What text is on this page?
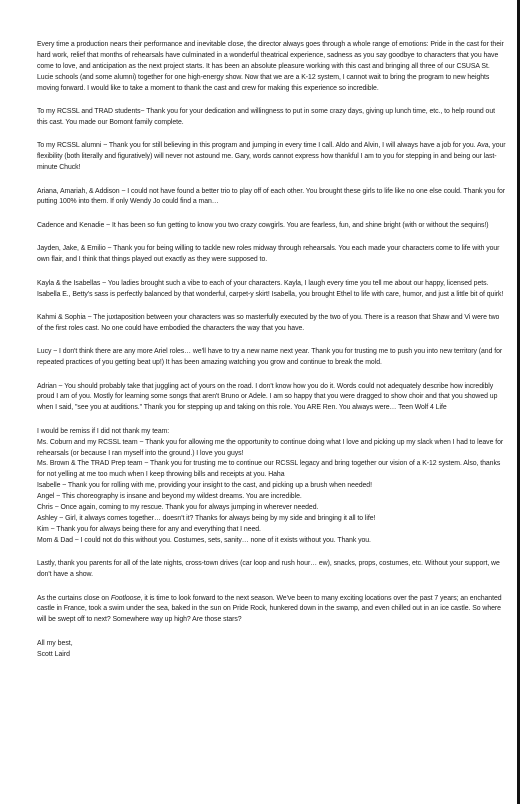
Every time a production nears their performance and inevitable close, the director always goes through a whole range of emotions: Pride in the cast for their hard work, relief that months of rehearsals have culminated in a wonderful theatrical experience, sadness as you say goodbye to characters that you have come to love, and anticipation as the next project starts. It has been an absolute pleasure working with this cast and bringing all three of our CSUSA St. Lucie schools (and some alumni) together for one high-energy show. Now that we are a K-12 system, I cannot wait to bring the program to new heights moving forward. I would like to take a moment to thank the cast and crew for making this experience so incredible.

To my RCSSL and TRAD students~ Thank you for your dedication and willingness to put in some crazy days, giving up lunch time, etc., to help round out this cast. You made our Bomont family complete.

To my RCSSL alumni ~ Thank you for still believing in this program and jumping in every time I call. Aldo and Alvin, I will always have a job for you. Ava, your flexibility (both literally and figuratively) will never not astound me. Gary, words cannot express how thankful I am to you for stepping in and being our last-minute Chuck!

Ariana, Amariah, & Addison ~ I could not have found a better trio to play off of each other. You brought these girls to life like no one else could. Thank you for putting 100% into them. If only Wendy Jo could find a man…

Cadence and Kenadie ~ It has been so fun getting to know you two crazy cowgirls. You are fearless, fun, and shine bright (with or without the sequins!)

Jayden, Jake, & Emilio ~ Thank you for being willing to tackle new roles midway through rehearsals. You each made your characters come to life with your own flair, and I think that things played out exactly as they were supposed to.

Kayla & the Isabellas ~ You ladies brought such a vibe to each of your characters. Kayla, I laugh every time you tell me about our happy, licensed pets. Isabella E., Betty's sass is perfectly balanced by that wonderful, carpet-y skirt! Isabella, you brought Ethel to life with care, humor, and just a little bit of quirk!

Kahmi & Sophia ~ The juxtaposition between your characters was so masterfully executed by the two of you. There is a reason that Shaw and Vi were two of the first roles cast. No one could have embodied the characters the way that you have.

Lucy ~ I don't think there are any more Ariel roles… we'll have to try a new name next year. Thank you for trusting me to push you into new territory (and for repeated practices of you getting beat up!) It has been amazing watching you grow and continue to break the mold.

Adrian ~ You should probably take that juggling act of yours on the road. I don't know how you do it. Words could not adequately describe how incredibly proud I am of you. Mostly for learning some songs that aren't Bruno or Adele. I am so happy that you were dragged to show choir and that you showed up when I said, "see you at auditions." Thank you for stepping up and taking on this role. You ARE Ren. You always were… Teen Wolf 4 Life

I would be remiss if I did not thank my team:
Ms. Coburn and my RCSSL team ~ Thank you for allowing me the opportunity to continue doing what I love and picking up my slack when I had to leave for rehearsals (or because I ran myself into the ground.) I love you guys!
Ms. Brown & The TRAD Prep team ~ Thank you for trusting me to continue our RCSSL legacy and bring together our vision of a K-12 system. Also, thanks for not yelling at me too much when I keep throwing bills and receipts at you. Haha
Isabelle ~ Thank you for rolling with me, providing your insight to the cast, and picking up a brush when needed!
Angel ~ This choreography is insane and beyond my wildest dreams. You are incredible.
Chris ~ Once again, coming to my rescue. Thank you for always jumping in wherever needed.
Ashley ~ Girl, it always comes together… doesn't it? Thanks for always being by my side and bringing it all to life!
Kim ~ Thank you for always being there for any and everything that I need.
Mom & Dad ~ I could not do this without you. Costumes, sets, sanity… none of it exists without you. Thank you.

Lastly, thank you parents for all of the late nights, cross-town drives (car loop and rush hour… ew), snacks, props, costumes, etc. Without your support, we don't have a show.

As the curtains close on Footloose, it is time to look forward to the next season. We've been to many exciting locations over the past 7 years; an enchanted castle in France, took a swim under the sea, baked in the sun on Pride Rock, hunkered down in the swamp, and even chilled out in an ice castle. So where will be swept off to next? Somewhere way up high? Are those stars?

All my best,
Scott Laird
